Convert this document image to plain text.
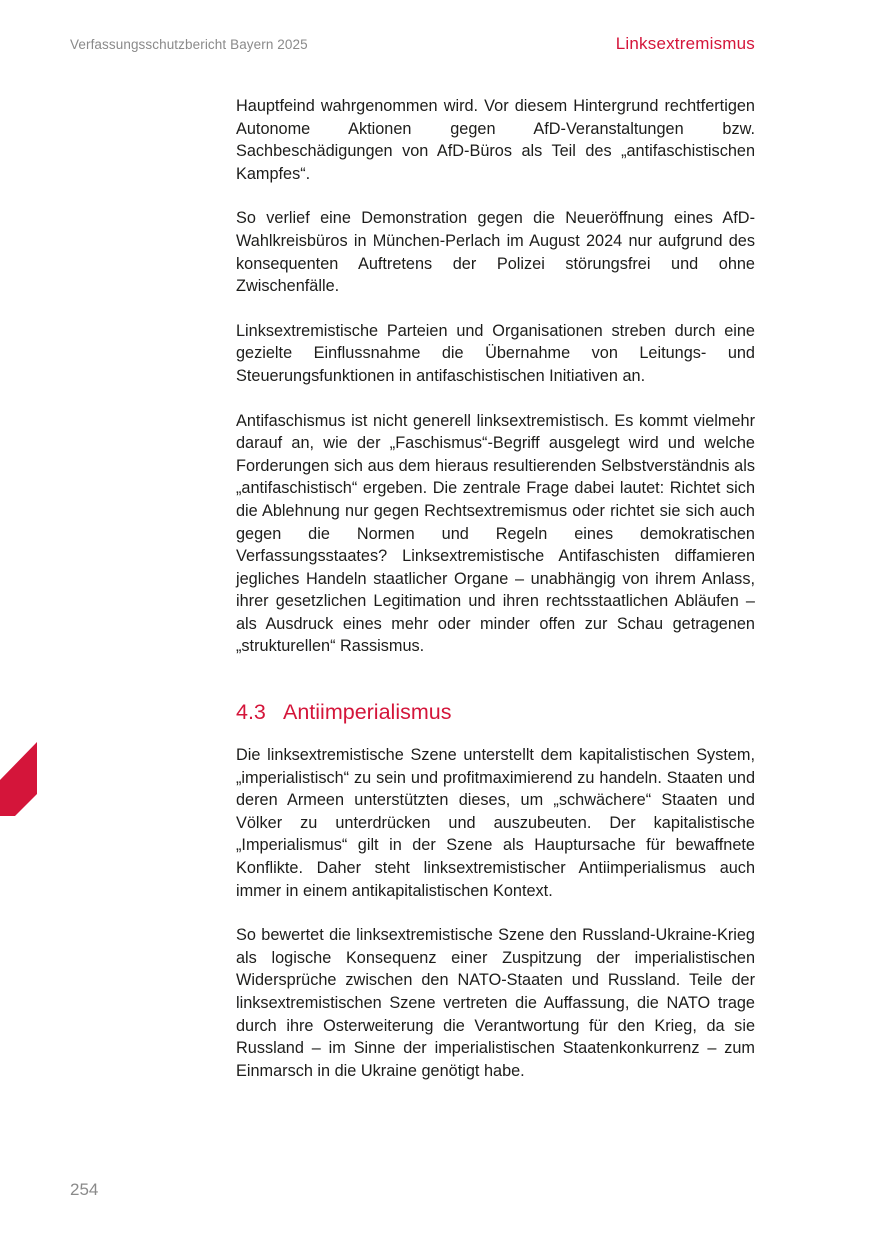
Verfassungsschutzbericht Bayern 2025	Linksextremismus

Hauptfeind wahrgenommen wird. Vor diesem Hintergrund rechtfertigen Autonome Aktionen gegen AfD-Veranstaltungen bzw. Sachbeschädigungen von AfD-Büros als Teil des „antifaschistischen Kampfes“.

So verlief eine Demonstration gegen die Neueröffnung eines AfD-Wahlkreisbüros in München-Perlach im August 2024 nur aufgrund des konsequenten Auftretens der Polizei störungsfrei und ohne Zwischenfälle.

Linksextremistische Parteien und Organisationen streben durch eine gezielte Einflussnahme die Übernahme von Leitungs- und Steuerungsfunktionen in antifaschistischen Initiativen an.

Antifaschismus ist nicht generell linksextremistisch. Es kommt vielmehr darauf an, wie der „Faschismus“-Begriff ausgelegt wird und welche Forderungen sich aus dem hieraus resultierenden Selbstverständnis als „antifaschistisch“ ergeben. Die zentrale Frage dabei lautet: Richtet sich die Ablehnung nur gegen Rechtsextremismus oder richtet sie sich auch gegen die Normen und Regeln eines demokratischen Verfassungsstaates? Linksextremistische Antifaschisten diffamieren jegliches Handeln staatlicher Organe – unabhängig von ihrem Anlass, ihrer gesetzlichen Legitimation und ihren rechtsstaatlichen Abläufen – als Ausdruck eines mehr oder minder offen zur Schau getragenen „strukturellen“ Rassismus.

4.3 Antiimperialismus

Die linksextremistische Szene unterstellt dem kapitalistischen System, „imperialistisch“ zu sein und profitmaximierend zu handeln. Staaten und deren Armeen unterstützten dieses, um „schwächere“ Staaten und Völker zu unterdrücken und auszubeuten. Der kapitalistische „Imperialismus“ gilt in der Szene als Hauptursache für bewaffnete Konflikte. Daher steht linksextremistischer Antiimperialismus auch immer in einem antikapitalistischen Kontext.

So bewertet die linksextremistische Szene den Russland-Ukraine-Krieg als logische Konsequenz einer Zuspitzung der imperialistischen Widersprüche zwischen den NATO-Staaten und Russland. Teile der linksextremistischen Szene vertreten die Auffassung, die NATO trage durch ihre Osterweiterung die Verantwortung für den Krieg, da sie Russland – im Sinne der imperialistischen Staatenkonkurrenz – zum Einmarsch in die Ukraine genötigt habe.

254
